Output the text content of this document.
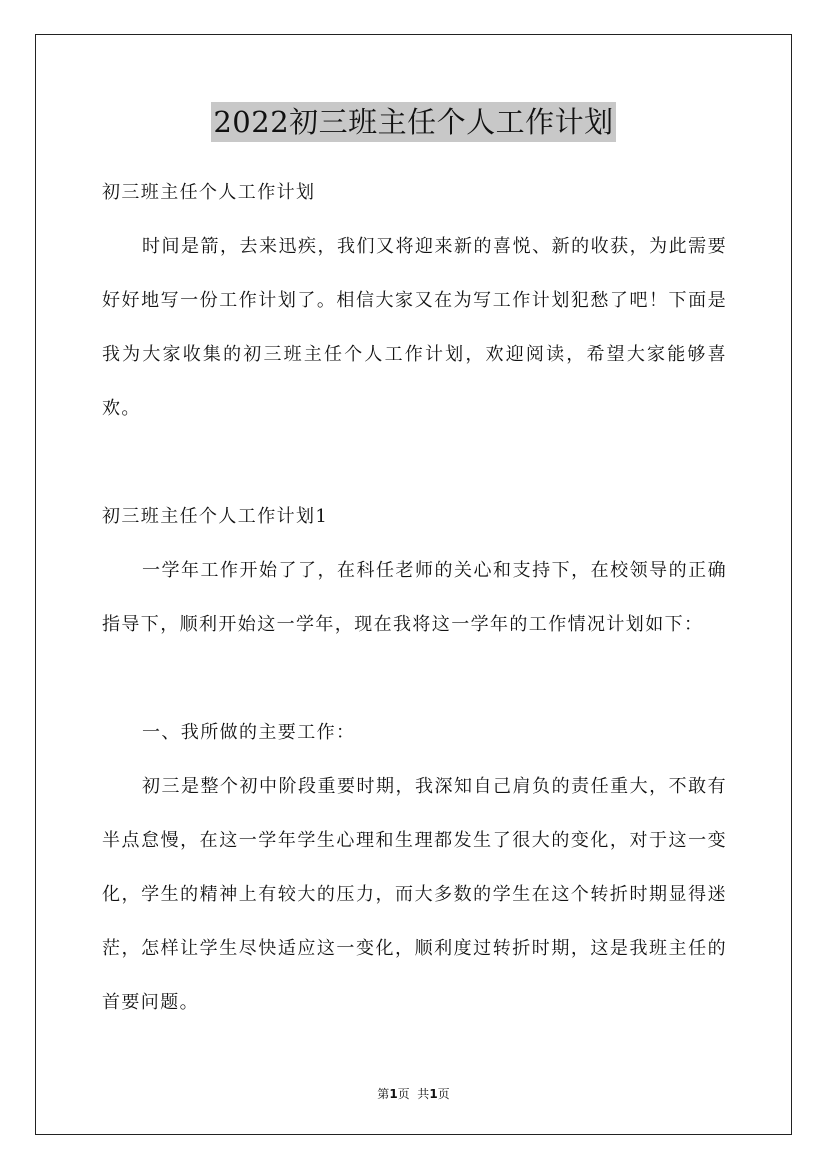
2022初三班主任个人工作计划

初三班主任个人工作计划

时间是箭，去来迅疾，我们又将迎来新的喜悦、新的收获，为此需要好好地写一份工作计划了。相信大家又在为写工作计划犯愁了吧！下面是我为大家收集的初三班主任个人工作计划，欢迎阅读，希望大家能够喜欢。

初三班主任个人工作计划1

一学年工作开始了了，在科任老师的关心和支持下，在校领导的正确指导下，顺利开始这一学年，现在我将这一学年的工作情况计划如下：

一、我所做的主要工作：

初三是整个初中阶段重要时期，我深知自己肩负的责任重大，不敢有半点怠慢，在这一学年学生心理和生理都发生了很大的变化，对于这一变化，学生的精神上有较大的压力，而大多数的学生在这个转折时期显得迷茫，怎样让学生尽快适应这一变化，顺利度过转折时期，这是我班主任的首要问题。

第1页  共1页
